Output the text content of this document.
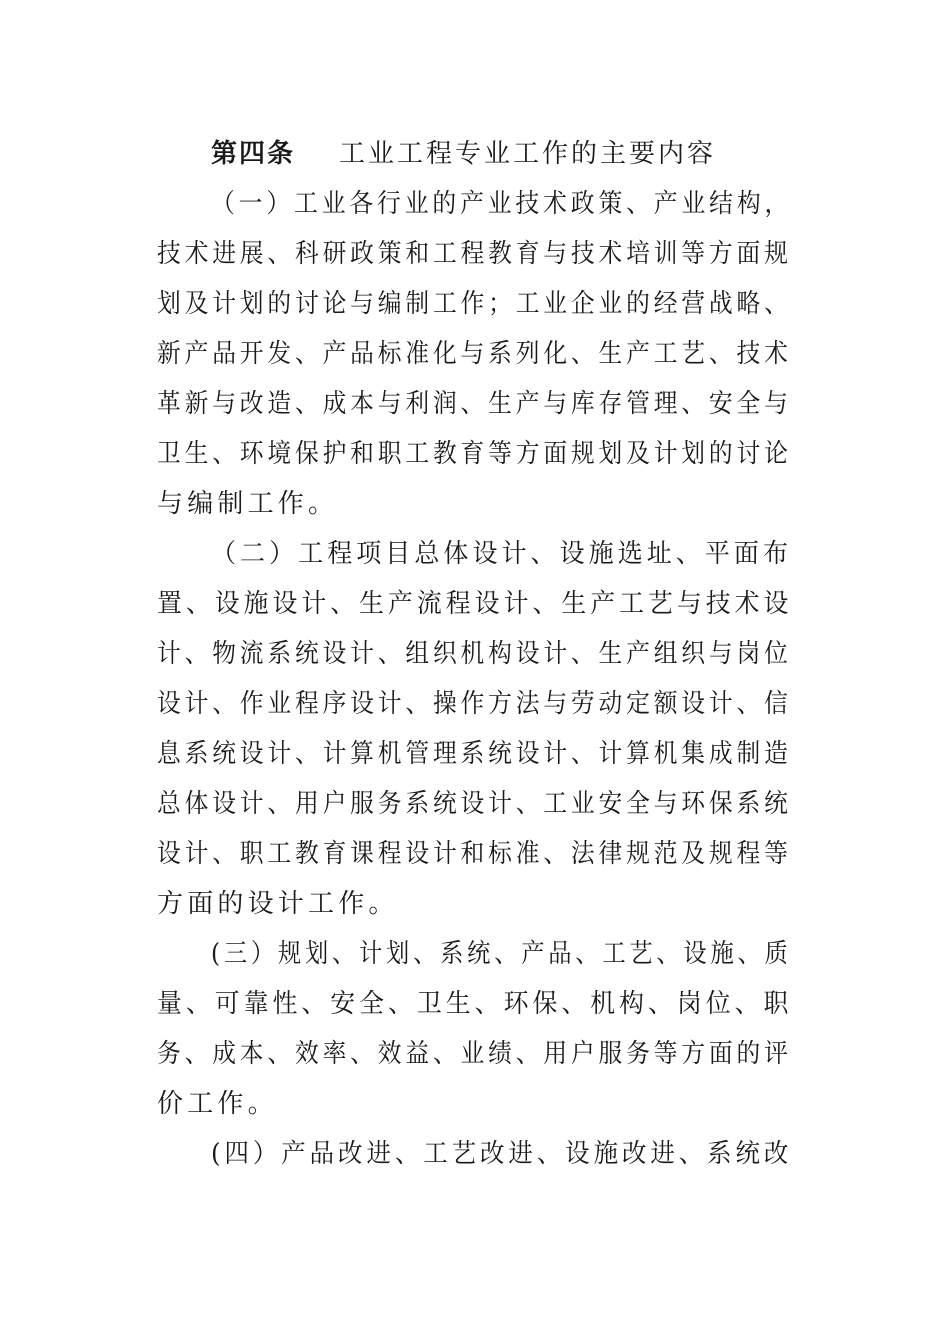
第四条 工业工程专业工作的主要内容
（一）工业各行业的产业技术政策、产业结构，
技术进展、科研政策和工程教育与技术培训等方面规
划及计划的讨论与编制工作；工业企业的经营战略、
新产品开发、产品标准化与系列化、生产工艺、技术
革新与改造、成本与利润、生产与库存管理、安全与
卫生、环境保护和职工教育等方面规划及计划的讨论
与编制工作。
（二）工程项目总体设计、设施选址、平面布
置、设施设计、生产流程设计、生产工艺与技术设
计、物流系统设计、组织机构设计、生产组织与岗位
设计、作业程序设计、操作方法与劳动定额设计、信
息系统设计、计算机管理系统设计、计算机集成制造
总体设计、用户服务系统设计、工业安全与环保系统
设计、职工教育课程设计和标准、法律规范及规程等
方面的设计工作。
(三）规划、计划、系统、产品、工艺、设施、质
量、可靠性、安全、卫生、环保、机构、岗位、职
务、成本、效率、效益、业绩、用户服务等方面的评
价工作。
(四）产品改进、工艺改进、设施改进、系统改
